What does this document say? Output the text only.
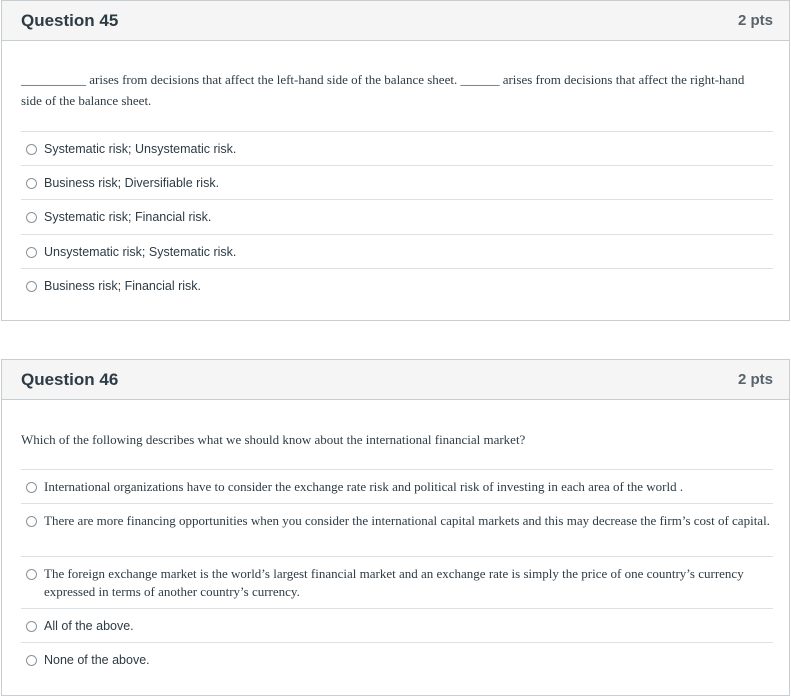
Question 45	2 pts
__________ arises from decisions that affect the left-hand side of the balance sheet. ______ arises from decisions that affect the right-hand
side of the balance sheet.
Systematic risk; Unsystematic risk.
Business risk; Diversifiable risk.
Systematic risk; Financial risk.
Unsystematic risk; Systematic risk.
Business risk; Financial risk.
Question 46	2 pts
Which of the following describes what we should know about the international financial market?
International organizations have to consider the exchange rate risk and political risk of investing in each area of the world .
There are more financing opportunities when you consider the international capital markets and this may decrease the firm’s cost of capital.
The foreign exchange market is the world’s largest financial market and an exchange rate is simply the price of one country’s currency expressed in terms of another country’s currency.
All of the above.
None of the above.
